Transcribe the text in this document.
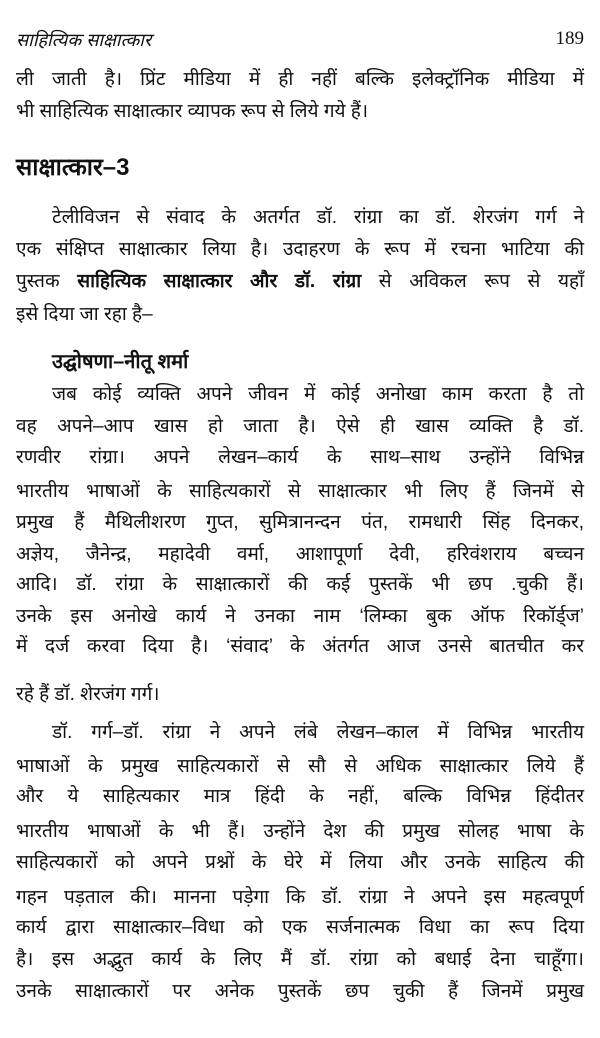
साहित्यिक साक्षात्कार	189
ली जाती है। प्रिंट मीडिया में ही नहीं बल्कि इलेक्ट्रॉनिक मीडिया में
भी साहित्यिक साक्षात्कार व्यापक रूप से लिये गये हैं।
साक्षात्कार–3
टेलीविजन से संवाद के अतर्गत डॉ. रांग्रा का डॉ. शेरजंग गर्ग ने
एक संक्षिप्त साक्षात्कार लिया है। उदाहरण के रूप में रचना भाटिया की
पुस्तक साहित्यिक साक्षात्कार और डॉ. रांग्रा से अविकल रूप से यहाँ
इसे दिया जा रहा है–
उद्घोषणा–नीतू शर्मा
जब कोई व्यक्ति अपने जीवन में कोई अनोखा काम करता है तो
वह अपने–आप खास हो जाता है। ऐसे ही खास व्यक्ति है डॉ.
रणवीर रांग्रा। अपने लेखन–कार्य के साथ–साथ उन्होंने विभिन्न
भारतीय भाषाओं के साहित्यकारों से साक्षात्कार भी लिए हैं जिनमें से
प्रमुख हैं मैथिलीशरण गुप्त, सुमित्रानन्दन पंत, रामधारी सिंह दिनकर,
अज्ञेय, जैनेन्द्र, महादेवी वर्मा, आशापूर्णा देवी, हरिवंशराय बच्चन
आदि। डॉ. रांग्रा के साक्षात्कारों की कई पुस्तकें भी छप .चुकी हैं।
उनके इस अनोखे कार्य ने उनका नाम ‘लिम्का बुक ऑफ रिकॉर्ड्ज’
में दर्ज करवा दिया है। ‘संवाद’ के अंतर्गत आज उनसे बातचीत कर
रहे हैं डॉ. शेरजंग गर्ग।
डॉ. गर्ग–डॉ. रांग्रा ने अपने लंबे लेखन–काल में विभिन्न भारतीय
भाषाओं के प्रमुख साहित्यकारों से सौ से अधिक साक्षात्कार लिये हैं
और ये साहित्यकार मात्र हिंदी के नहीं, बल्कि विभिन्न हिंदीतर
भारतीय भाषाओं के भी हैं। उन्होंने देश की प्रमुख सोलह भाषा के
साहित्यकारों को अपने प्रश्नों के घेरे में लिया और उनके साहित्य की
गहन पड़ताल की। मानना पड़ेगा कि डॉ. रांग्रा ने अपने इस महत्वपूर्ण
कार्य द्वारा साक्षात्कार–विधा को एक सर्जनात्मक विधा का रूप दिया
है। इस अद्भुत कार्य के लिए मैं डॉ. रांग्रा को बधाई देना चाहूँगा।
उनके साक्षात्कारों पर अनेक पुस्तकें छप चुकी हैं जिनमें प्रमुख
